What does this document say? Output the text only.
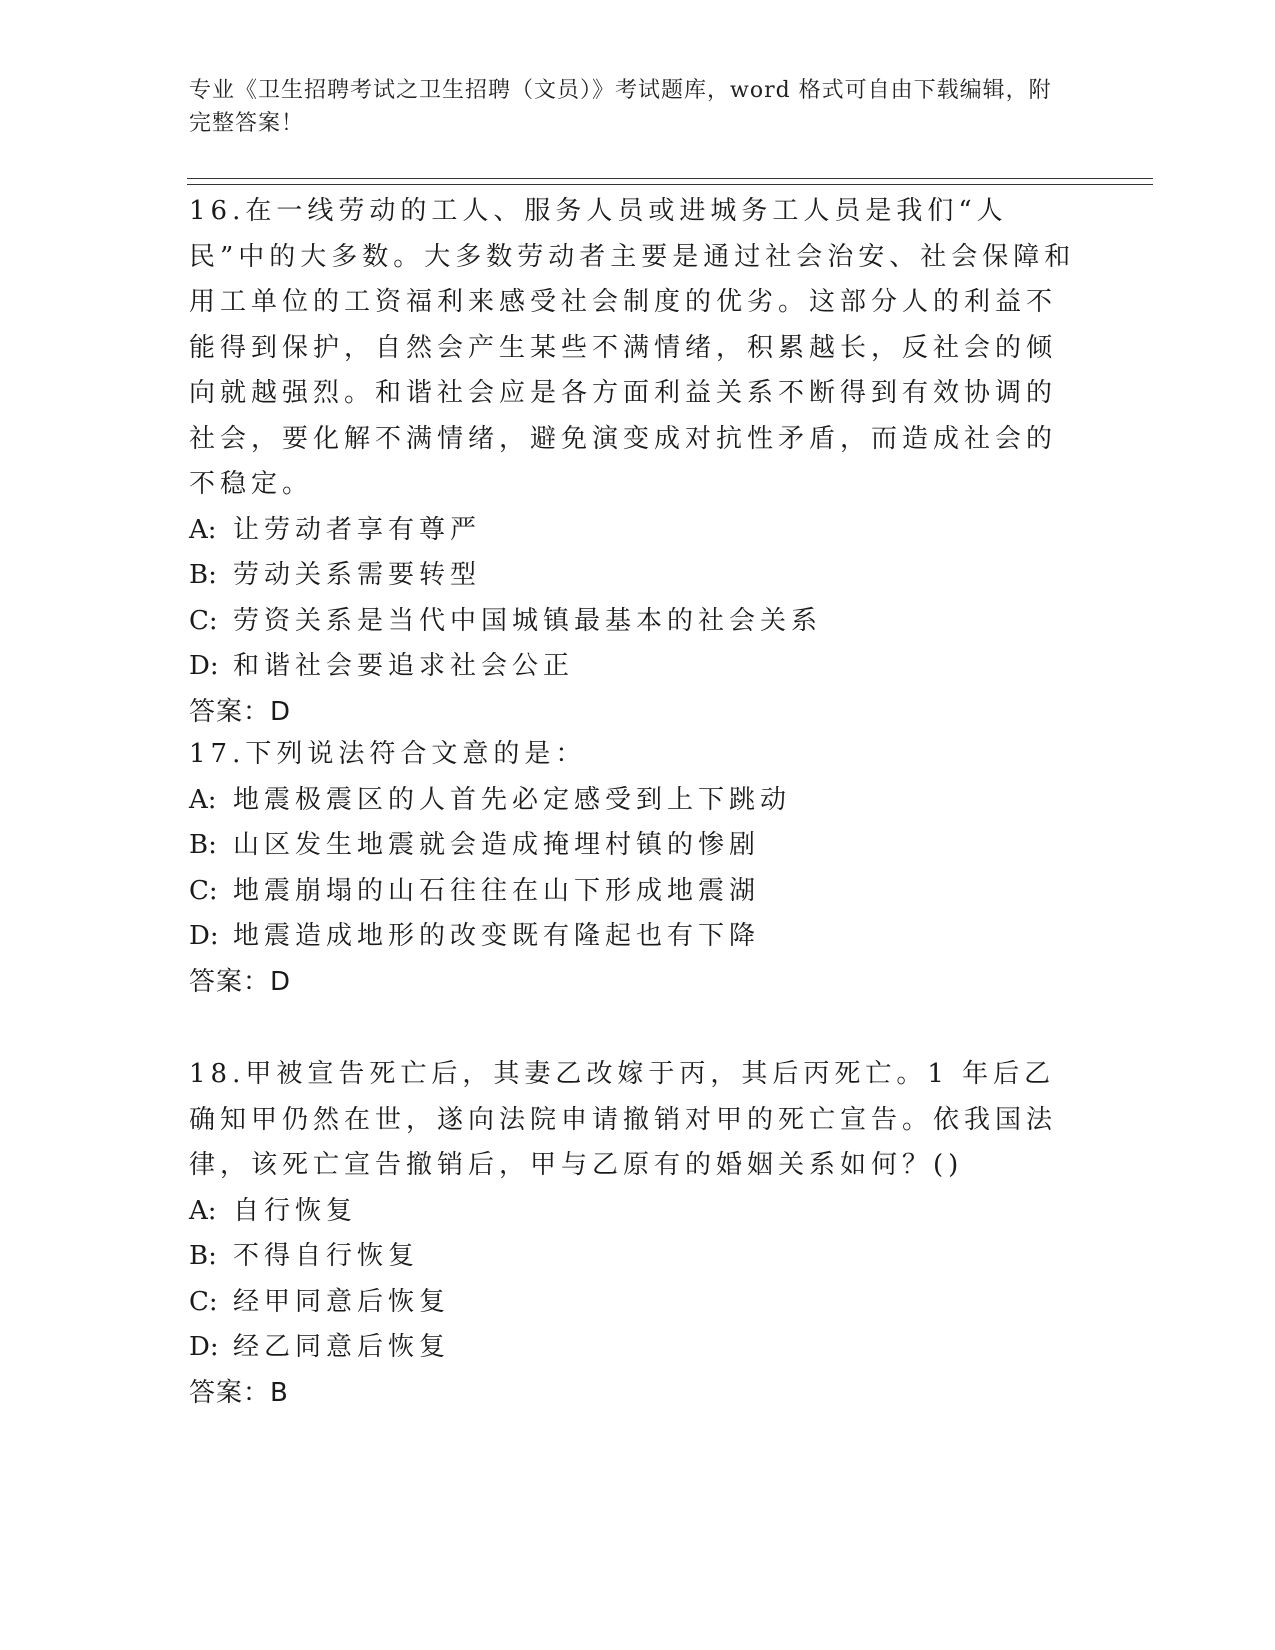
专业《卫生招聘考试之卫生招聘（文员）》考试题库，word 格式可自由下载编辑，附完整答案！

16.在一线劳动的工人、服务人员或进城务工人员是我们“人民”中的大多数。大多数劳动者主要是通过社会治安、社会保障和用工单位的工资福利来感受社会制度的优劣。这部分人的利益不能得到保护，自然会产生某些不满情绪，积累越长，反社会的倾向就越强烈。和谐社会应是各方面利益关系不断得到有效协调的社会，要化解不满情绪，避免演变成对抗性矛盾，而造成社会的不稳定。

A: 让劳动者享有尊严

B: 劳动关系需要转型

C: 劳资关系是当代中国城镇最基本的社会关系

D: 和谐社会要追求社会公正

答案：D

17.下列说法符合文意的是：

A: 地震极震区的人首先必定感受到上下跳动

B: 山区发生地震就会造成掩埋村镇的惨剧

C: 地震崩塌的山石往往在山下形成地震湖

D: 地震造成地形的改变既有隆起也有下降

答案：D

18.甲被宣告死亡后，其妻乙改嫁于丙，其后丙死亡。1 年后乙确知甲仍然在世，遂向法院申请撤销对甲的死亡宣告。依我国法律，该死亡宣告撤销后，甲与乙原有的婚姻关系如何？()

A: 自行恢复

B: 不得自行恢复

C: 经甲同意后恢复

D: 经乙同意后恢复

答案：B
